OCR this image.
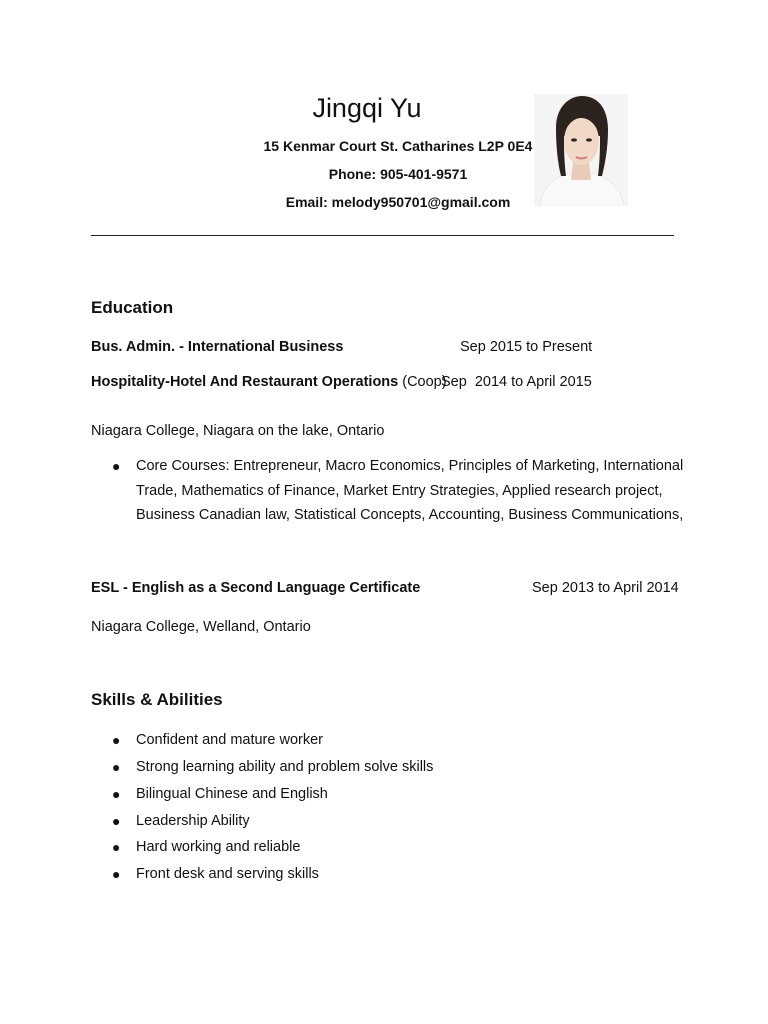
Jingqi Yu
15 Kenmar Court St. Catharines L2P 0E4
Phone: 905-401-9571
Email: melody950701@gmail.com
Education
Bus. Admin. - International Business	Sep 2015 to Present
Hospitality-Hotel And Restaurant Operations (Coop)
Sep  2014 to April 2015
Niagara College, Niagara on the lake, Ontario
● Core Courses: Entrepreneur, Macro Economics, Principles of Marketing, International
Trade, Mathematics of Finance, Market Entry Strategies, Applied research project,
Business Canadian law, Statistical Concepts, Accounting, Business Communications,
ESL - English as a Second Language Certificate	Sep 2013 to April 2014
Niagara College, Welland, Ontario
Skills & Abilities
● Confident and mature worker
● Strong learning ability and problem solve skills
● Bilingual Chinese and English
● Leadership Ability
● Hard working and reliable
● Front desk and serving skills
